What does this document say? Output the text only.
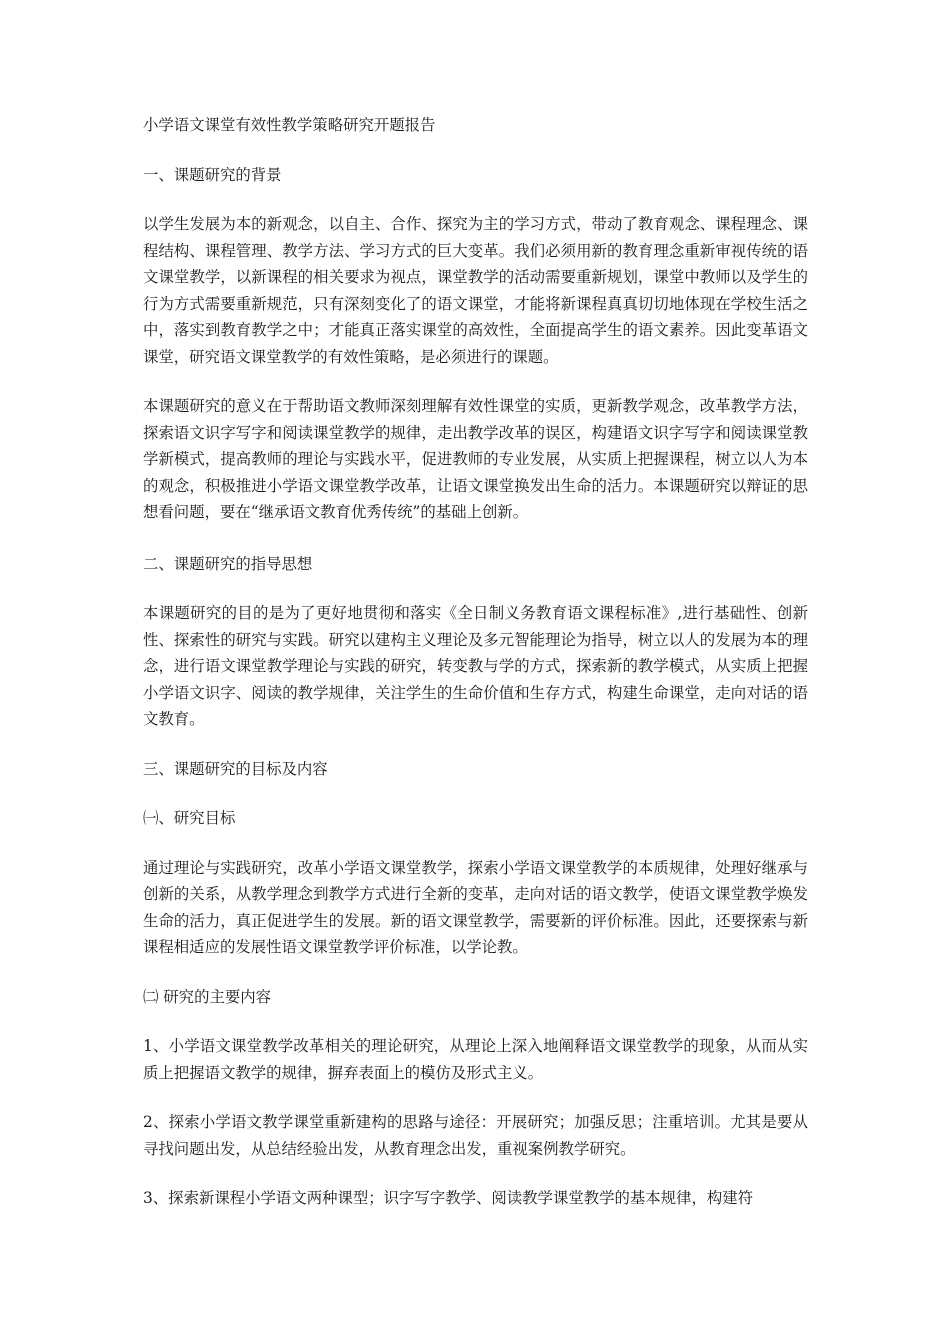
小学语文课堂有效性教学策略研究开题报告

一、课题研究的背景

以学生发展为本的新观念，以自主、合作、探究为主的学习方式，带动了教育观念、课程理念、课程结构、课程管理、教学方法、学习方式的巨大变革。我们必须用新的教育理念重新审视传统的语文课堂教学，以新课程的相关要求为视点，课堂教学的活动需要重新规划，课堂中教师以及学生的行为方式需要重新规范，只有深刻变化了的语文课堂，才能将新课程真真切切地体现在学校生活之中，落实到教育教学之中；才能真正落实课堂的高效性，全面提高学生的语文素养。因此变革语文课堂，研究语文课堂教学的有效性策略，是必须进行的课题。

本课题研究的意义在于帮助语文教师深刻理解有效性课堂的实质，更新教学观念，改革教学方法，探索语文识字写字和阅读课堂教学的规律，走出教学改革的误区，构建语文识字写字和阅读课堂教学新模式，提高教师的理论与实践水平，促进教师的专业发展，从实质上把握课程，树立以人为本的观念，积极推进小学语文课堂教学改革，让语文课堂换发出生命的活力。本课题研究以辩证的思想看问题，要在“继承语文教育优秀传统”的基础上创新。

二、课题研究的指导思想

本课题研究的目的是为了更好地贯彻和落实《全日制义务教育语文课程标准》,进行基础性、创新性、探索性的研究与实践。研究以建构主义理论及多元智能理论为指导，树立以人的发展为本的理念，进行语文课堂教学理论与实践的研究，转变教与学的方式，探索新的教学模式，从实质上把握小学语文识字、阅读的教学规律，关注学生的生命价值和生存方式，构建生命课堂，走向对话的语文教育。

三、课题研究的目标及内容

㈠、研究目标

通过理论与实践研究，改革小学语文课堂教学，探索小学语文课堂教学的本质规律，处理好继承与创新的关系，从教学理念到教学方式进行全新的变革，走向对话的语文教学，使语文课堂教学焕发生命的活力，真正促进学生的发展。新的语文课堂教学，需要新的评价标准。因此，还要探索与新课程相适应的发展性语文课堂教学评价标准，以学论教。

㈡ 研究的主要内容

1、小学语文课堂教学改革相关的理论研究，从理论上深入地阐释语文课堂教学的现象，从而从实质上把握语文教学的规律，摒弃表面上的模仿及形式主义。

2、探索小学语文教学课堂重新建构的思路与途径：开展研究；加强反思；注重培训。尤其是要从寻找问题出发，从总结经验出发，从教育理念出发，重视案例教学研究。

3、探索新课程小学语文两种课型；识字写字教学、阅读教学课堂教学的基本规律，构建符
